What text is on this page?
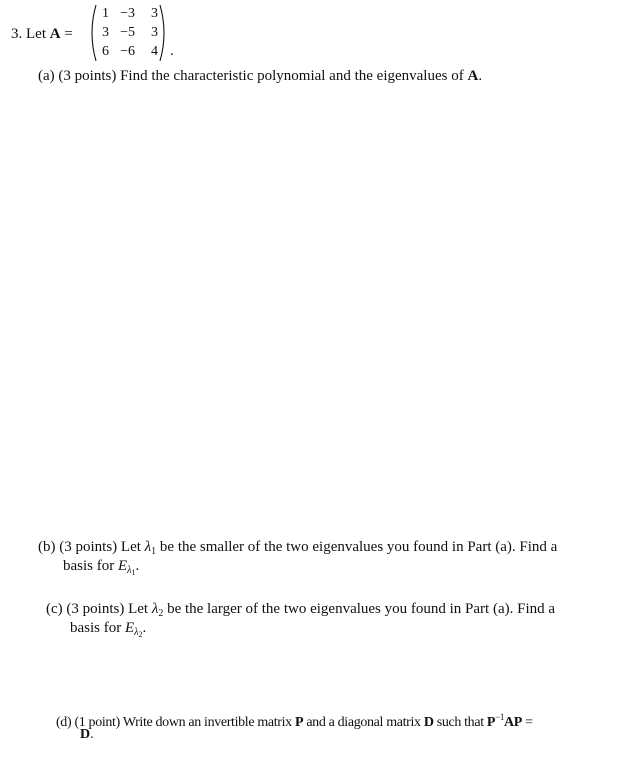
3. Let A =
1 −3	3
3 −5	3
6 −6	4 .
(a) (3 points) Find the characteristic polynomial and the eigenvalues of A.
(b) (3 points) Let $\lambda_1$ be the smaller of the two eigenvalues you found in Part (a). Find a
basis for $E_{\lambda_1}$.
(c) (3 points) Let $\lambda_2$ be the larger of the two eigenvalues you found in Part (a). Find a
basis for $E_{\lambda_2}$.
(d) (1 point) Write down an invertible matrix P and a diagonal matrix D such that $P^{-1}AP$ =
D.
